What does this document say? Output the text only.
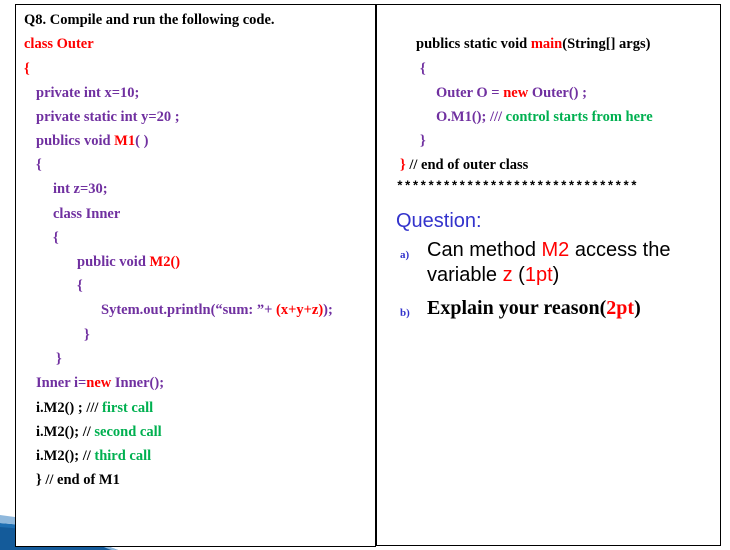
Q8. Compile and run the following code.
class Outer
{
private int x=10;
private static int y=20 ;
publics void M1( )
{
int z=30;
class Inner
{
public void M2()
{
Sytem.out.println(“sum: ”+ (x+y+z));
}
}
Inner i=new Inner();
i.M2() ; /// first call
i.M2(); // second call
i.M2(); // third call
} // end of M1
publics static void main(String[] args)
{
Outer O = new Outer() ;
O.M1(); /// control starts from here
}
} // end of outer class
*******************************
Question:
a) Can method M2 access the
variable z (1pt)
b) Explain your reason(2pt)
